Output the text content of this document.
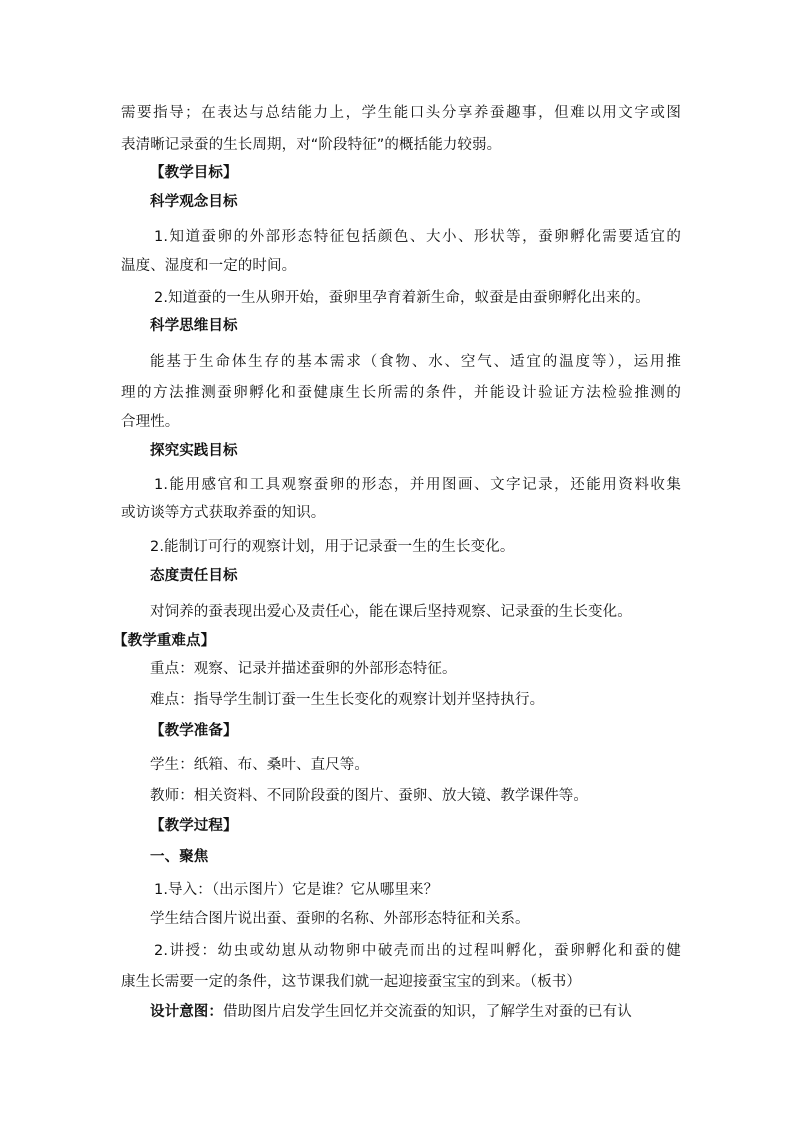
需要指导；在表达与总结能力上，学生能口头分享养蚕趣事，但难以用文字或图
表清晰记录蚕的生长周期，对“阶段特征”的概括能力较弱。
【教学目标】
科学观念目标
1.知道蚕卵的外部形态特征包括颜色、大小、形状等，蚕卵孵化需要适宜的
温度、湿度和一定的时间。
2.知道蚕的一生从卵开始，蚕卵里孕育着新生命，蚁蚕是由蚕卵孵化出来的。
科学思维目标
能基于生命体生存的基本需求（食物、水、空气、适宜的温度等），运用推
理的方法推测蚕卵孵化和蚕健康生长所需的条件，并能设计验证方法检验推测的
合理性。
探究实践目标
1.能用感官和工具观察蚕卵的形态，并用图画、文字记录，还能用资料收集
或访谈等方式获取养蚕的知识。
2.能制订可行的观察计划，用于记录蚕一生的生长变化。
态度责任目标
对饲养的蚕表现出爱心及责任心，能在课后坚持观察、记录蚕的生长变化。
【教学重难点】
重点：观察、记录并描述蚕卵的外部形态特征。
难点：指导学生制订蚕一生生长变化的观察计划并坚持执行。
【教学准备】
学生：纸箱、布、桑叶、直尺等。
教师：相关资料、不同阶段蚕的图片、蚕卵、放大镜、教学课件等。
【教学过程】
一、聚焦
1.导入：（出示图片）它是谁？它从哪里来？
学生结合图片说出蚕、蚕卵的名称、外部形态特征和关系。
2.讲授：幼虫或幼崽从动物卵中破壳而出的过程叫孵化，蚕卵孵化和蚕的健
康生长需要一定的条件，这节课我们就一起迎接蚕宝宝的到来。（板书）
设计意图：借助图片启发学生回忆并交流蚕的知识，了解学生对蚕的已有认
